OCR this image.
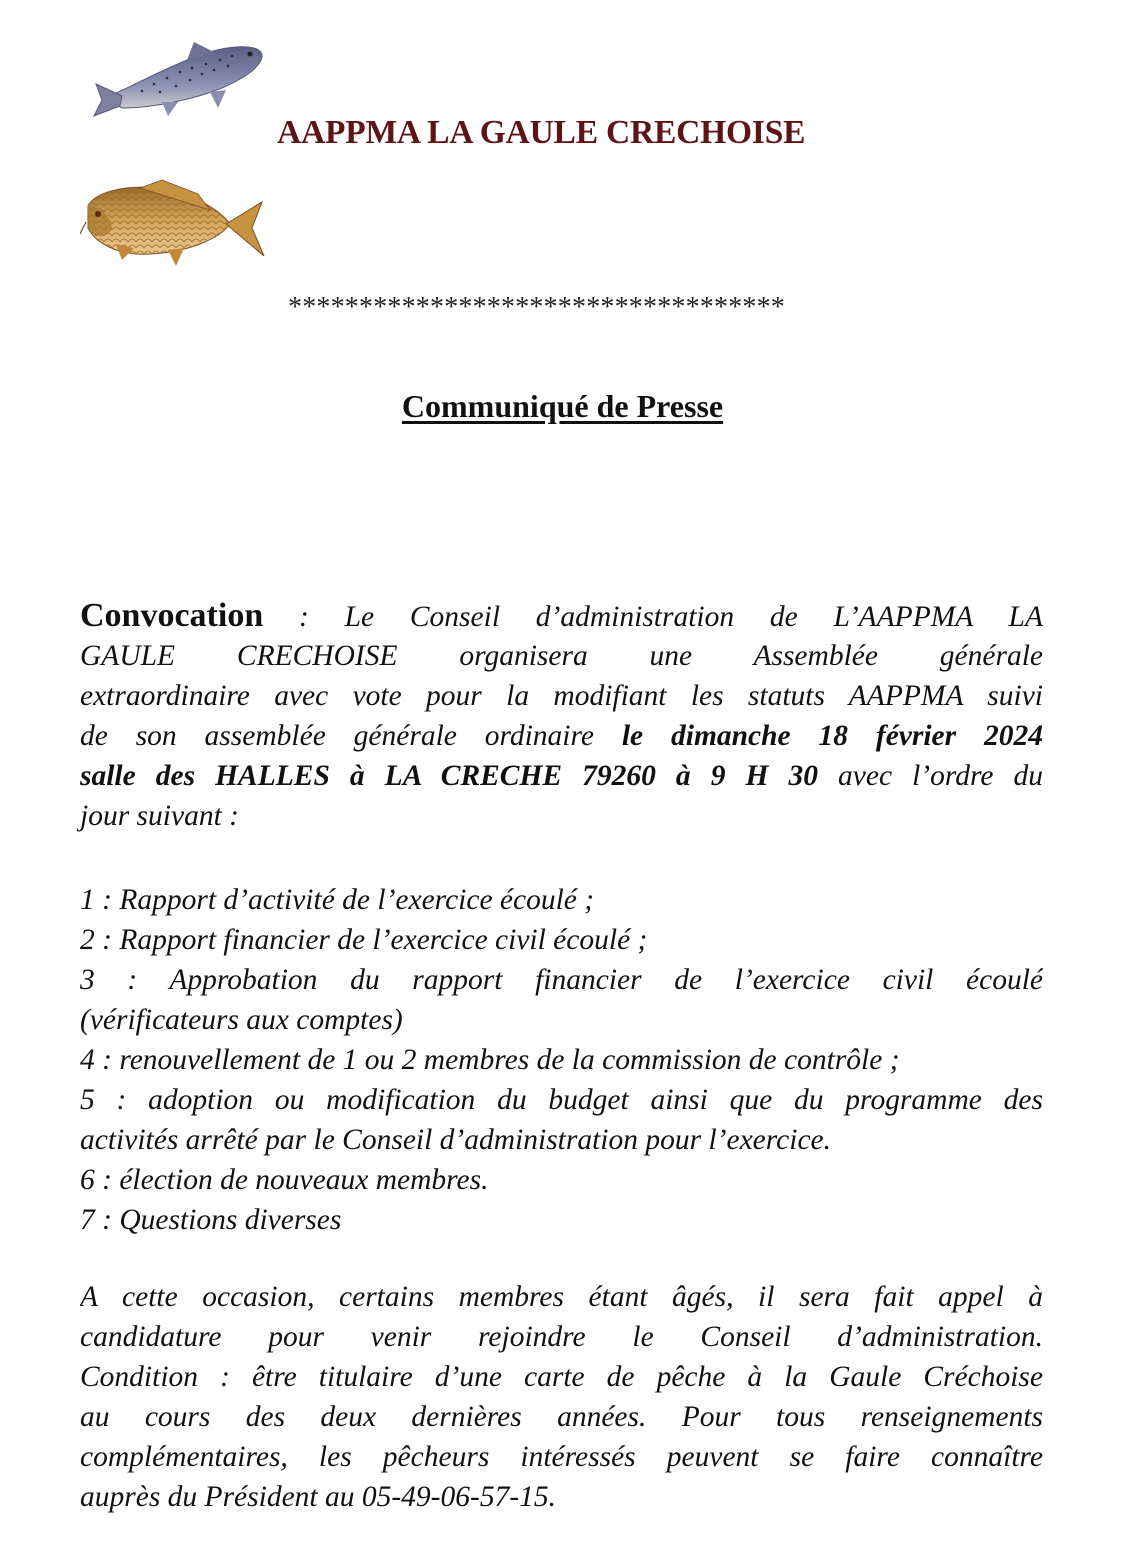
AAPPMA LA GAULE CRECHOISE
***********************************
Communiqué de Presse
Convocation : Le Conseil d’administration de L’AAPPMA LA
GAULE CRECHOISE organisera une Assemblée générale
extraordinaire avec vote pour la modifiant les statuts AAPPMA suivi
de son assemblée générale ordinaire le dimanche 18 février 2024
salle des HALLES à LA CRECHE 79260 à 9 H 30 avec l’ordre du
jour suivant :
1 : Rapport d’activité de l’exercice écoulé ;
2 : Rapport financier de l’exercice civil écoulé ;
3 : Approbation du rapport financier de l’exercice civil écoulé
(vérificateurs aux comptes)
4 : renouvellement de 1 ou 2 membres de la commission de contrôle ;
5 : adoption ou modification du budget ainsi que du programme des
activités arrêté par le Conseil d’administration pour l’exercice.
6 : élection de nouveaux membres.
7 : Questions diverses
A cette occasion, certains membres étant âgés, il sera fait appel à
candidature pour venir rejoindre le Conseil d’administration.
Condition : être titulaire d’une carte de pêche à la Gaule Créchoise
au cours des deux dernières années. Pour tous renseignements
complémentaires, les pêcheurs intéressés peuvent se faire connaître
auprès du Président au 05-49-06-57-15.
